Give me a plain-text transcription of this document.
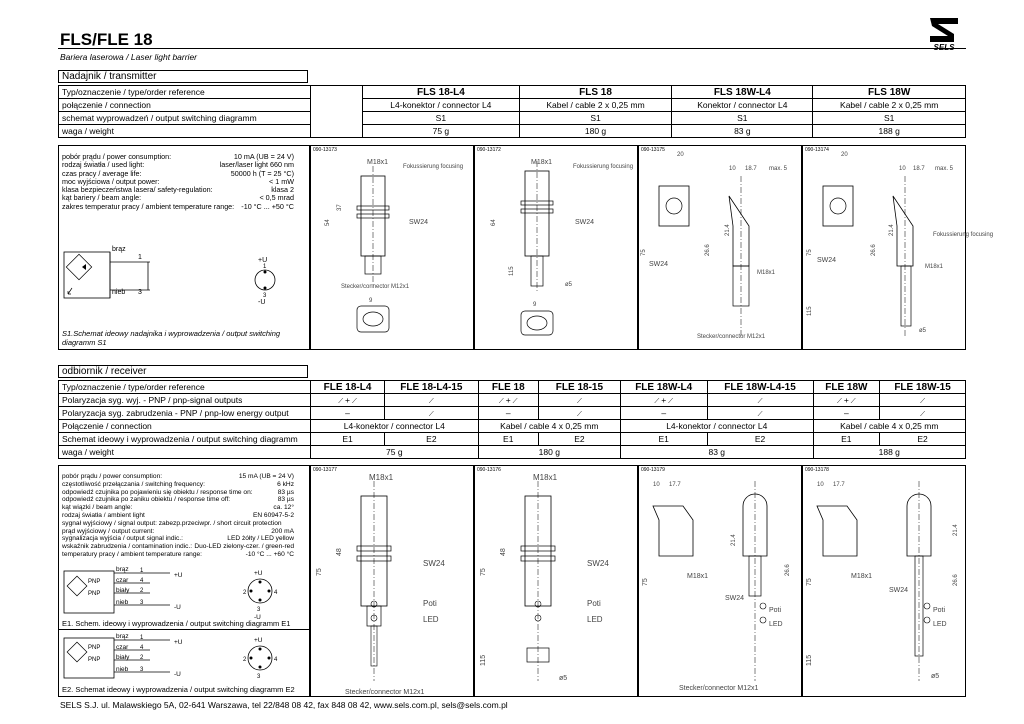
FLS/FLE 18
Bariera laserowa / Laser light barrier
SELS
Nadajnik / transmitter
Typ/oznaczenie / type/order reference		FLS 18-L4	FLS 18	FLS 18W-L4	FLS 18W
połączenie / connection		L4-konektor / connector L4	Kabel / cable 2 x 0,25 mm	Konektor / connector L4	Kabel / cable 2 x 0,25 mm
schemat wyprowadzeń / output switching diagramm		S1	S1	S1	S1
waga / weight		75 g	180 g	83 g	188 g
pobór prądu / power consumption:	10 mA (UB = 24 V)
rodzaj światła / used light:	laser/laser light 660 nm
czas pracy / average life:	50000 h (T = 25 °C)
moc wyjściowa / output power:	< 1 mW
klasa bezpieczeństwa lasera/ safety-regulation:	klasa 2
kąt bariery / beam angle:	< 0,5 mrad
zakres temperatur pracy / ambient temperature range: -10 °C ... +50 °C
brąz
1
nieb 3
+U
1
3
-U
S1.Schemat ideowy nadajnika i wyprowadzenia / output switching diagramm S1
090-13173
M18x1
Fokussierung focusing
SW24
Stecker/connector M12x1
9
54
37
090-13172
M18x1
Fokussierung focusing
SW24
ø5
9
64
115
090-13175
20
10 18.7 max. 5
SW24
M18x1
Stecker/connector M12x1
21.4
26.6
75
090-13174
20
10 18.7 max. 5
Fokussierung focusing
SW24
M18x1
ø5
21.4
26.6
75
115
odbiornik / receiver
Typ/oznaczenie / type/order reference	FLE 18-L4	FLE 18-L4-15	FLE 18	FLE 18-15	FLE 18W-L4	FLE 18W-L4-15	FLE 18W	FLE 18W-15
Polaryzacja syg. wyj. - PNP / pnp-signal outputs	⟋ + ⟋	⟋	⟋ + ⟋	⟋	⟋ + ⟋	⟋	⟋ + ⟋	⟋
Polaryzacja syg. zabrudzenia - PNP / pnp-low energy output	–	⟋	–	⟋	–	⟋	–	⟋
Połączenie / connection	L4-konektor / connector L4		Kabel / cable 4 x 0,25 mm		L4-konektor / connector L4		Kabel / cable 4 x 0,25 mm	
Schemat ideowy i wyprowadzenia / output switching diagramm	E1	E2	E1	E2	E1	E2	E1	E2
waga / weight	75 g		180 g		83 g		188 g	
pobór prądu / power consumption:	15 mA (UB = 24 V)
częstotliwość przełączania / switching frequency:	6 kHz
odpowiedź czujnika po pojawieniu się obiektu / response time on:	83 µs
odpowiedź czujnika po zaniku obiektu / response time off:	83 µs
kąt wiązki / beam angle:	ca. 12°
rodzaj światła / ambient light	EN 60947-5-2
sygnał wyjściowy / signal output: zabezp.przeciwpr. / short circuit protection
prąd wyjściowy / output current:	200 mA
sygnalizacja wyjścia / output signal indic.:	LED żółty / LED yellow
wskaźnik zabrudzenia / contamination indic.: Duo-LED zielony-czer. / green-red
temperatury pracy / ambient temperature range:	-10 °C ... +60 °C
PNP
PNP
brąz
czar
biały
nieb
1
4
2
3
+U
-U
+U
2	4
3
-U
E1. Schem. ideowy i wyprowadzenia / output switching diagramm E1
PNP
PNP
brąz
czar
biały
nieb
1
4
2
3
+U
-U
+U
2	4
3
E2. Schemat ideowy i wyprowadzenia / output switching diagramm E2
090-13177
M18x1
SW24
Poti
LED
Stecker/connector M12x1
48
75
090-13176
M18x1
SW24
Poti
LED
ø5
48
75
115
090-13179
10 17.7
M18x1
SW24
Poti
LED
Stecker/connector M12x1
21.4
26.6
75
090-13178
10 17.7
M18x1
SW24
Poti
LED
ø5
21.4
26.6
75
115
SELS S.J. ul. Malawskiego 5A, 02-641 Warszawa, tel 22/848 08 42, fax 848 08 42, www.sels.com.pl, sels@sels.com.pl
